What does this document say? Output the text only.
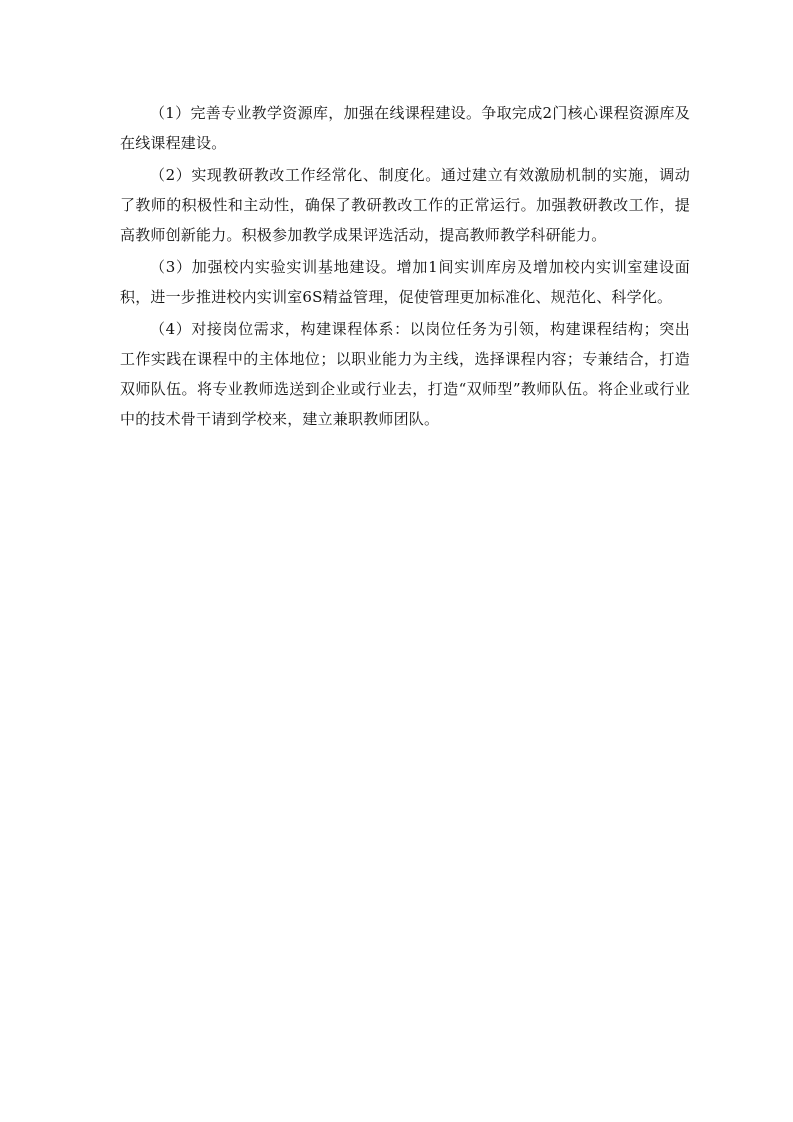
（1）完善专业教学资源库，加强在线课程建设。争取完成2门核心课程资源库及在线课程建设。

（2）实现教研教改工作经常化、制度化。通过建立有效激励机制的实施，调动了教师的积极性和主动性，确保了教研教改工作的正常运行。加强教研教改工作，提高教师创新能力。积极参加教学成果评选活动，提高教师教学科研能力。

（3）加强校内实验实训基地建设。增加1间实训库房及增加校内实训室建设面积，进一步推进校内实训室6S精益管理，促使管理更加标准化、规范化、科学化。

（4）对接岗位需求，构建课程体系：以岗位任务为引领，构建课程结构；突出工作实践在课程中的主体地位；以职业能力为主线，选择课程内容；专兼结合，打造双师队伍。将专业教师选送到企业或行业去，打造“双师型”教师队伍。将企业或行业中的技术骨干请到学校来，建立兼职教师团队。
